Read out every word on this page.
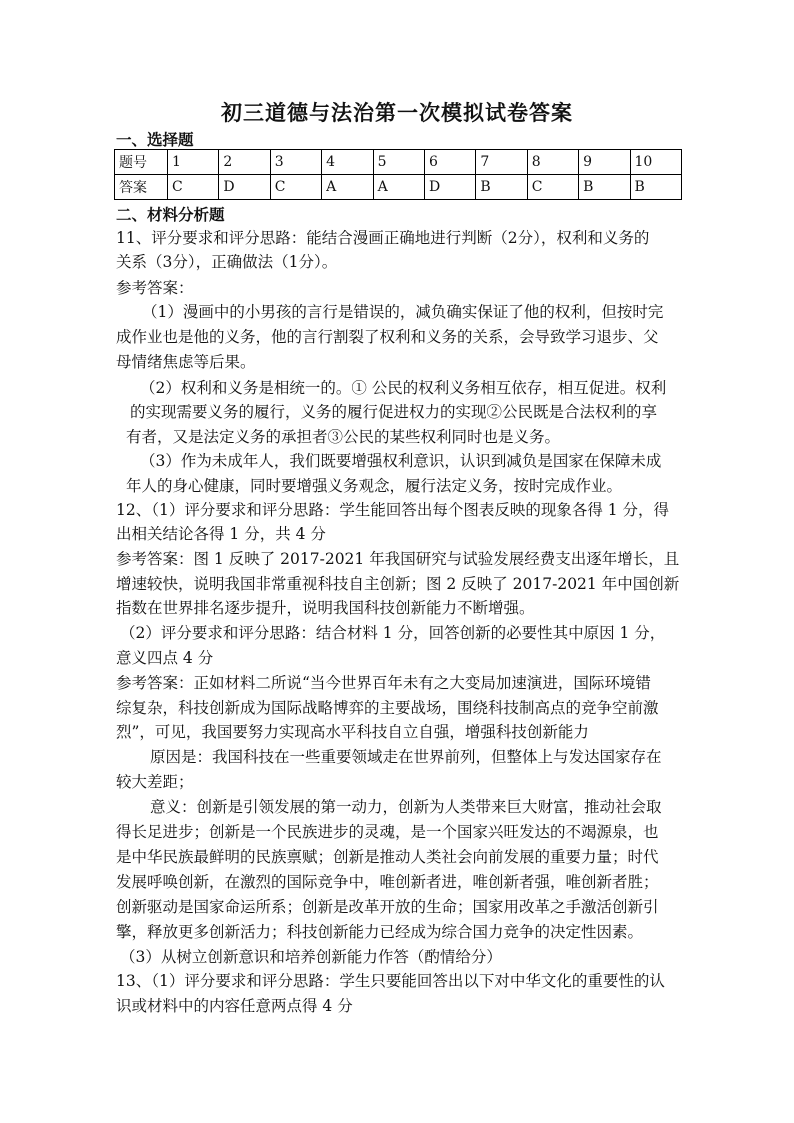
初三道德与法治第一次模拟试卷答案
一、选择题
题号	1	2	3	4	5	6	7	8	9	10
答案	C	D	C	A	A	D	B	C	B	B
二、材料分析题
11、评分要求和评分思路：能结合漫画正确地进行判断（2分），权利和义务的
关系（3分），正确做法（1分）。
参考答案：
（1）漫画中的小男孩的言行是错误的，减负确实保证了他的权利，但按时完
成作业也是他的义务，他的言行割裂了权利和义务的关系，会导致学习退步、父
母情绪焦虑等后果。
（2）权利和义务是相统一的。① 公民的权利义务相互依存，相互促进。权利
的实现需要义务的履行，义务的履行促进权力的实现②公民既是合法权利的享
有者，又是法定义务的承担者③公民的某些权利同时也是义务。
（3）作为未成年人，我们既要增强权利意识，认识到减负是国家在保障未成
年人的身心健康，同时要增强义务观念，履行法定义务，按时完成作业。
12、（1）评分要求和评分思路：学生能回答出每个图表反映的现象各得 1 分，得
出相关结论各得 1 分，共 4 分
参考答案：图 1 反映了 2017-2021 年我国研究与试验发展经费支出逐年增长，且
增速较快，说明我国非常重视科技自主创新；图 2 反映了 2017-2021 年中国创新
指数在世界排名逐步提升，说明我国科技创新能力不断增强。
（2）评分要求和评分思路：结合材料 1 分，回答创新的必要性其中原因 1 分，
意义四点 4 分
参考答案：正如材料二所说“当今世界百年未有之大变局加速演进，国际环境错
综复杂，科技创新成为国际战略博弈的主要战场，围绕科技制高点的竞争空前激
烈”，可见，我国要努力实现高水平科技自立自强，增强科技创新能力
原因是：我国科技在一些重要领域走在世界前列，但整体上与发达国家存在
较大差距；
意义：创新是引领发展的第一动力，创新为人类带来巨大财富，推动社会取
得长足进步；创新是一个民族进步的灵魂，是一个国家兴旺发达的不竭源泉，也
是中华民族最鲜明的民族禀赋；创新是推动人类社会向前发展的重要力量；时代
发展呼唤创新，在激烈的国际竞争中，唯创新者进，唯创新者强，唯创新者胜；
创新驱动是国家命运所系；创新是改革开放的生命；国家用改革之手激活创新引
擎，释放更多创新活力；科技创新能力已经成为综合国力竞争的决定性因素。
（3）从树立创新意识和培养创新能力作答（酌情给分）
13、（1）评分要求和评分思路：学生只要能回答出以下对中华文化的重要性的认
识或材料中的内容任意两点得 4 分
